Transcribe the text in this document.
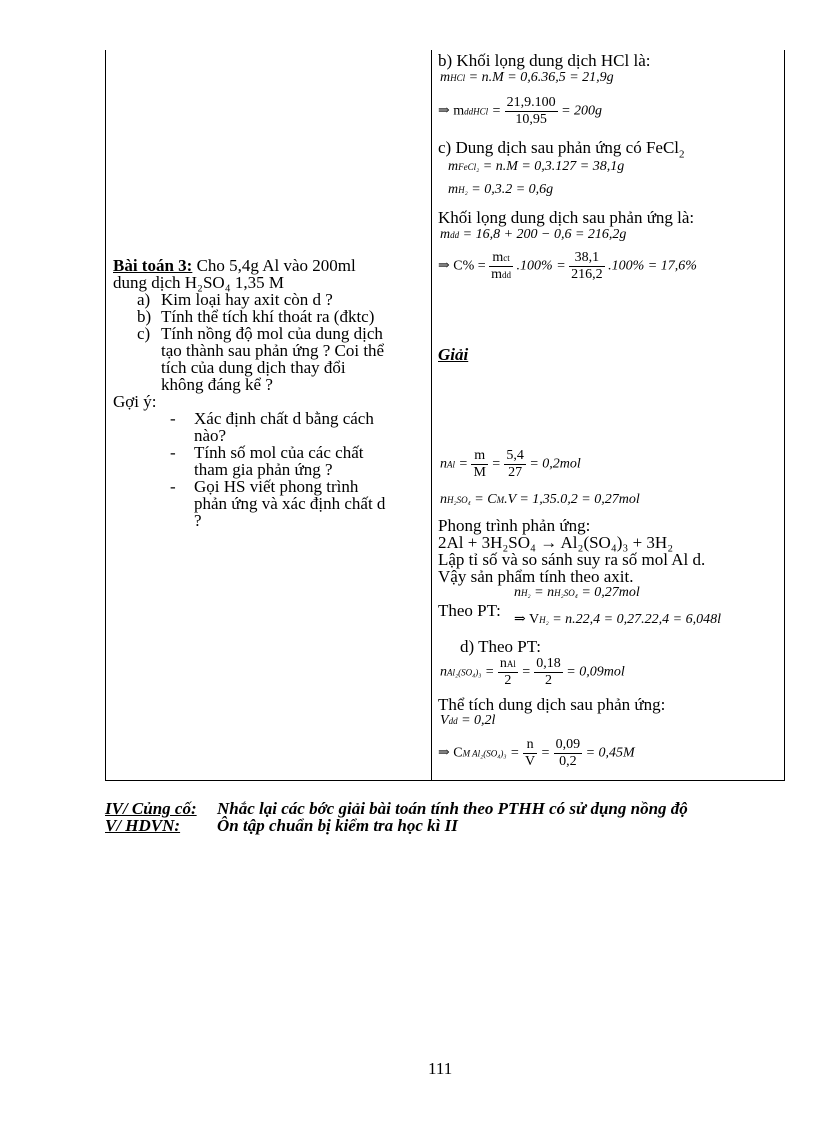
b) Khối lọng dung dịch HCl là:
mHCl = n.M = 0,6.36,5 = 21,9g
⇒ mddHCl = $\frac{21,9.100}{10,95} = 200g$
c) Dung dịch sau phản ứng có FeCl$_2$
mFeCl₂ = n.M = 0,3.127 = 38,1g
mH₂ = 0,3.2 = 0,6g
Khối lọng dung dịch sau phản ứng là:
mdd = 16,8 + 200 − 0,6 = 216,2g
⇒ $C\% = \frac{\text{mct}}{\text{mdd}} .100\% = \frac{38,1}{216,2} .100\% = 17,6\%$
Giải
nAl = $\frac{m}{M} = \frac{5,4}{27} = 0,2mol$
nH₂SO₄ = CM.V = 1,35.0,2 = 0,27mol
Phong trình phản ứng:
2Al + 3H₂SO₄ → Al₂(SO₄)₃ + 3H₂
Lập tỉ số và so sánh suy ra số mol Al d.
Vậy sản phẩm tính theo axit.
nH₂ = nH₂SO₄ = 0,27mol
Theo PT: ⇒ VH₂ = n.22,4 = 0,27.22,4 = 6,048l
d) Theo PT:
$nAl_2(SO_4)_3 = \frac{\text{nAl}}{2} = \frac{0,18}{2} = 0,09mol$
Thể tích dung dịch sau phản ứng:
Vdd = 0,2l
⇒ CM $Al_2(SO_4)_3 = \frac{n}{V} = \frac{0,09}{0,2} = 0,45M$
Bài toán 3: Cho 5,4g Al vào 200ml
dung dịch H₂SO₄ 1,35 M
a) Kim loại hay axit còn d ?
b) Tính thể tích khí thoát ra (đktc)
c) Tính nồng độ mol của dung dịch
tạo thành sau phản ứng ? Coi thể
tích của dung dịch thay đổi
không đáng kể ?
Gợi ý:
- Xác định chất d bằng cách
nào?
- Tính số mol của các chất
tham gia phản ứng ?
- Gọi HS viết phong trình
phản ứng và xác định chất d
?
IV/ Củng cố: Nhắc lại các bớc giải bài toán tính theo PTHH có sử dụng nồng độ
V/ HDVN: Ôn tập chuẩn bị kiểm tra học kì II
111
